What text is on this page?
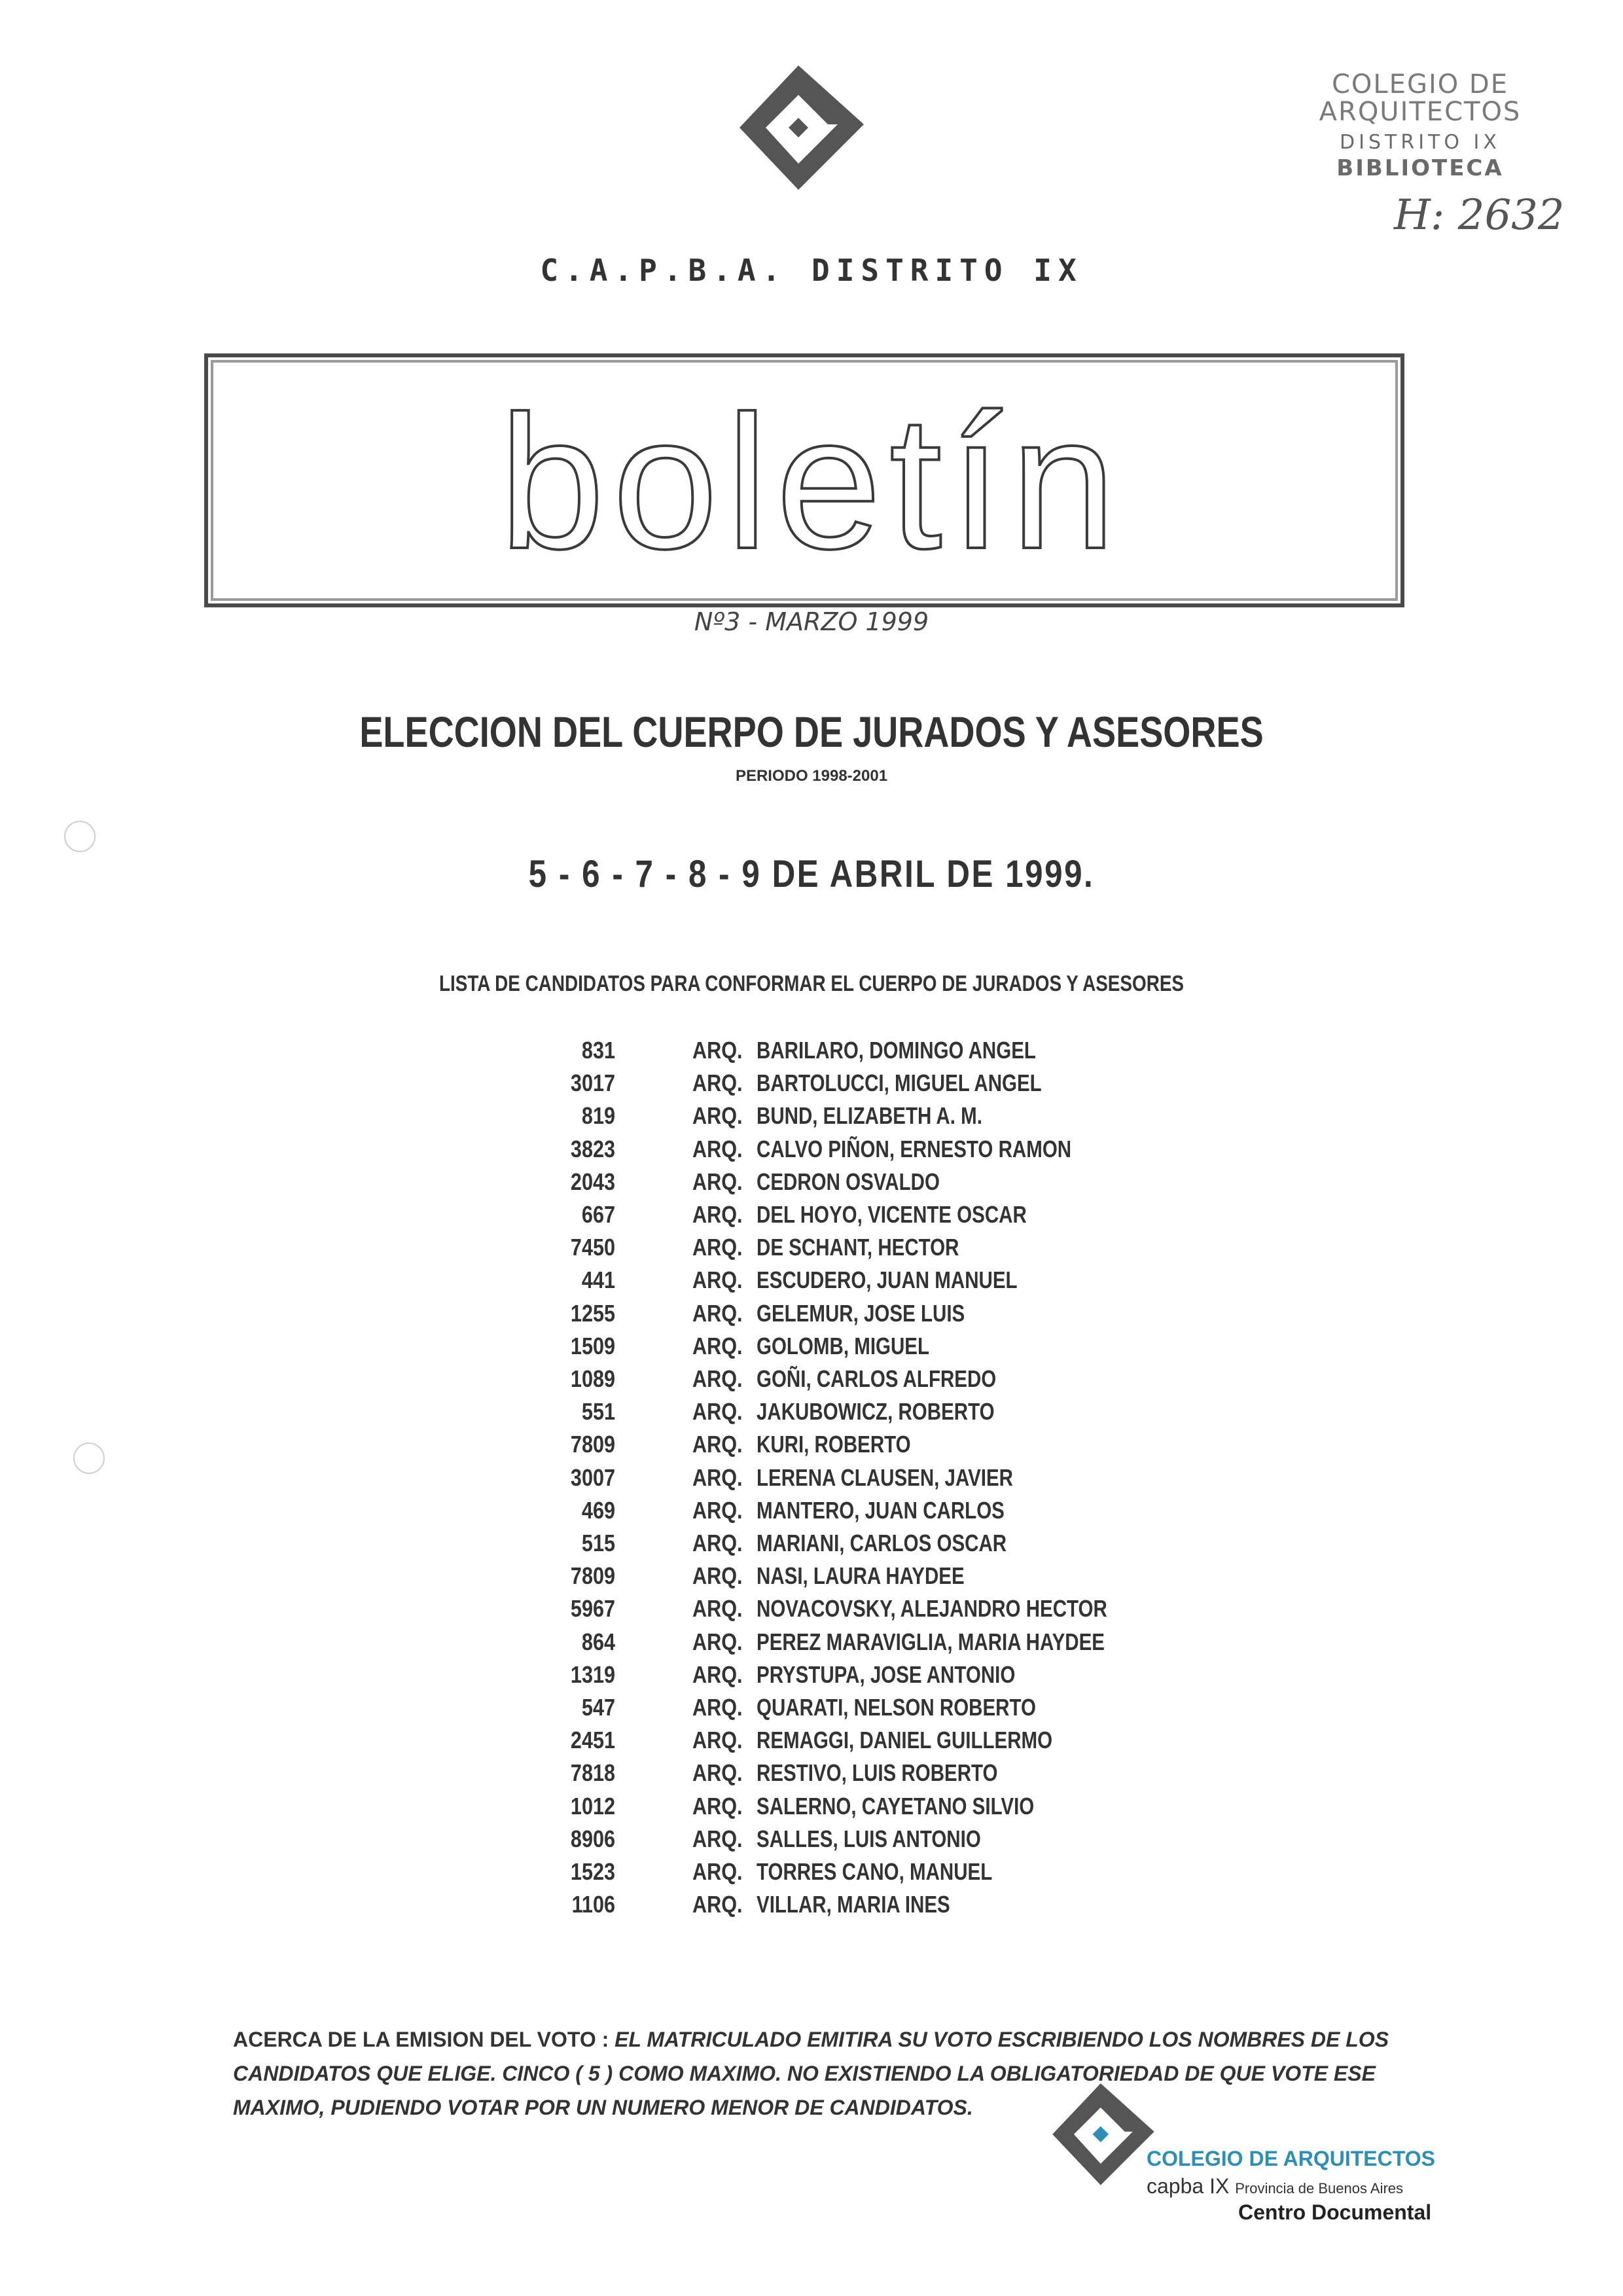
COLEGIO DE ARQUITECTOS
DISTRITO IX
BIBLIOTECA
H: 2632
C.A.P.B.A. DISTRITO IX
boletín
Nº3 - MARZO 1999
ELECCION DEL CUERPO DE JURADOS Y ASESORES
PERIODO 1998-2001
5 - 6 - 7 - 8 - 9 DE ABRIL DE 1999.
LISTA DE CANDIDATOS PARA CONFORMAR EL CUERPO DE JURADOS Y ASESORES
831	ARQ. BARILARO, DOMINGO ANGEL
3017	ARQ. BARTOLUCCI, MIGUEL ANGEL
819	ARQ. BUND, ELIZABETH A. M.
3823	ARQ. CALVO PIÑON, ERNESTO RAMON
2043	ARQ. CEDRON OSVALDO
667	ARQ. DEL HOYO, VICENTE OSCAR
7450	ARQ. DE SCHANT, HECTOR
441	ARQ. ESCUDERO, JUAN MANUEL
1255	ARQ. GELEMUR, JOSE LUIS
1509	ARQ. GOLOMB, MIGUEL
1089	ARQ. GOÑI, CARLOS ALFREDO
551	ARQ. JAKUBOWICZ, ROBERTO
7809	ARQ. KURI, ROBERTO
3007	ARQ. LERENA CLAUSEN, JAVIER
469	ARQ. MANTERO, JUAN CARLOS
515	ARQ. MARIANI, CARLOS OSCAR
7809	ARQ. NASI, LAURA HAYDEE
5967	ARQ. NOVACOVSKY, ALEJANDRO HECTOR
864	ARQ. PEREZ MARAVIGLIA, MARIA HAYDEE
1319	ARQ. PRYSTUPA, JOSE ANTONIO
547	ARQ. QUARATI, NELSON ROBERTO
2451	ARQ. REMAGGI, DANIEL GUILLERMO
7818	ARQ. RESTIVO, LUIS ROBERTO
1012	ARQ. SALERNO, CAYETANO SILVIO
8906	ARQ. SALLES, LUIS ANTONIO
1523	ARQ. TORRES CANO, MANUEL
1106	ARQ. VILLAR, MARIA INES
ACERCA DE LA EMISION DEL VOTO : EL MATRICULADO EMITIRA SU VOTO ESCRIBIENDO LOS NOMBRES DE LOS CANDIDATOS QUE ELIGE. CINCO ( 5 ) COMO MAXIMO. NO EXISTIENDO LA OBLIGATORIEDAD DE QUE VOTE ESE MAXIMO, PUDIENDO VOTAR POR UN NUMERO MENOR DE CANDIDATOS.
COLEGIO DE ARQUITECTOS
capba IX Provincia de Buenos Aires
Centro Documental
